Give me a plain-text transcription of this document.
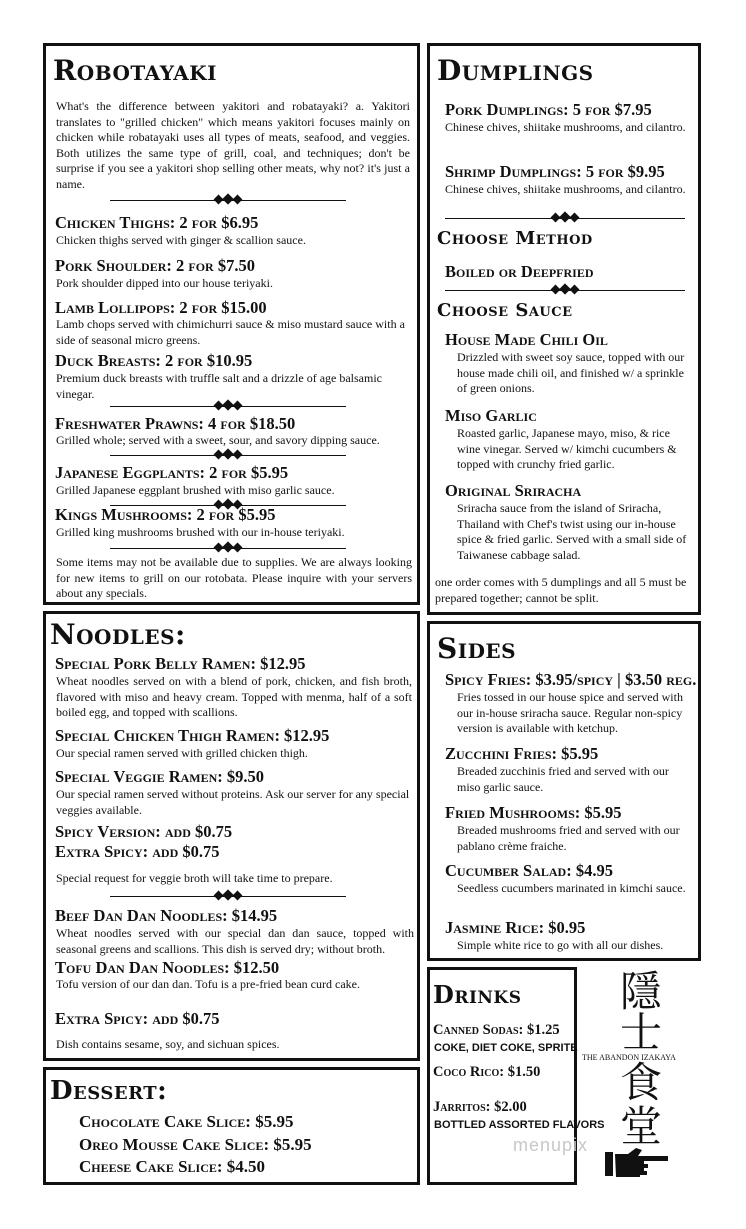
Robotayaki
What's the difference between yakitori and robatayaki? a. Yakitori translates to "grilled chicken" which means yakitori focuses mainly on chicken while robatayaki uses all types of meats, seafood, and veggies. Both utilizes the same type of grill, coal, and techniques; don't be surprise if you see a yakitori shop selling other meats, why not? it's just a name.
Chicken Thighs: 2 for $6.95
Chicken thighs served with ginger & scallion sauce.
Pork Shoulder: 2 for $7.50
Pork shoulder dipped into our house teriyaki.
Lamb Lollipops: 2 for $15.00
Lamb chops served with chimichurri sauce & miso mustard sauce with a side of seasonal micro greens.
Duck Breasts: 2 for $10.95
Premium duck breasts with truffle salt and a drizzle of age balsamic vinegar.
Freshwater Prawns: 4 for $18.50
Grilled whole; served with a sweet, sour, and savory dipping sauce.
Japanese Eggplants: 2 for $5.95
Grilled Japanese eggplant brushed with miso garlic sauce.
Kings Mushrooms: 2 for $5.95
Grilled king mushrooms brushed with our in-house teriyaki.
Some items may not be available due to supplies. We are always looking for new items to grill on our rotobata. Please inquire with your servers about any specials.
Dumplings
Pork Dumplings: 5 for $7.95
Chinese chives, shiitake mushrooms, and cilantro.
Shrimp Dumplings: 5 for $9.95
Chinese chives, shiitake mushrooms, and cilantro.
Choose Method
Boiled or Deepfried
Choose Sauce
House Made Chili Oil
Drizzled with sweet soy sauce, topped with our house made chili oil, and finished w/ a sprinkle of green onions.
Miso Garlic
Roasted garlic, Japanese mayo, miso, & rice wine vinegar. Served w/ kimchi cucumbers & topped with crunchy fried garlic.
Original Sriracha
Sriracha sauce from the island of Sriracha, Thailand with Chef's twist using our in-house spice & fried garlic. Served with a small side of Taiwanese cabbage salad.
one order comes with 5 dumplings and all 5 must be prepared together; cannot be split.
Noodles:
Special Pork Belly Ramen: $12.95
Wheat noodles served on with a blend of pork, chicken, and fish broth, flavored with miso and heavy cream. Topped with menma, half of a soft boiled egg, and topped with scallions.
Special Chicken Thigh Ramen: $12.95
Our special ramen served with grilled chicken thigh.
Special Veggie Ramen: $9.50
Our special ramen served without proteins. Ask our server for any special veggies available.
Spicy Version: add $0.75
Extra Spicy: add $0.75
Special request for veggie broth will take time to prepare.
Beef Dan Dan Noodles: $14.95
Wheat noodles served with our special dan dan sauce, topped with seasonal greens and scallions. This dish is served dry; without broth.
Tofu Dan Dan Noodles: $12.50
Tofu version of our dan dan. Tofu is a pre-fried bean curd cake.
Extra Spicy: add $0.75
Dish contains sesame, soy, and sichuan spices.
Sides
Spicy Fries: $3.95/spicy | $3.50 reg.
Fries tossed in our house spice and served with our in-house sriracha sauce. Regular non-spicy version is available with ketchup.
Zucchini Fries: $5.95
Breaded zucchinis fried and served with our miso garlic sauce.
Fried Mushrooms: $5.95
Breaded mushrooms fried and served with our pablano crème fraiche.
Cucumber Salad: $4.95
Seedless cucumbers marinated in kimchi sauce.
Jasmine Rice: $0.95
Simple white rice to go with all our dishes.
Drinks
Canned Sodas: $1.25
COKE, DIET COKE, SPRITE
Coco Rico: $1.50
Jarritos: $2.00
BOTTLED ASSORTED FLAVORS
Dessert:
Chocolate Cake Slice: $5.95
Oreo Mousse Cake Slice: $5.95
Cheese Cake Slice: $4.50
隱
士
THE ABANDON IZAKAYA
食
堂
menupix
